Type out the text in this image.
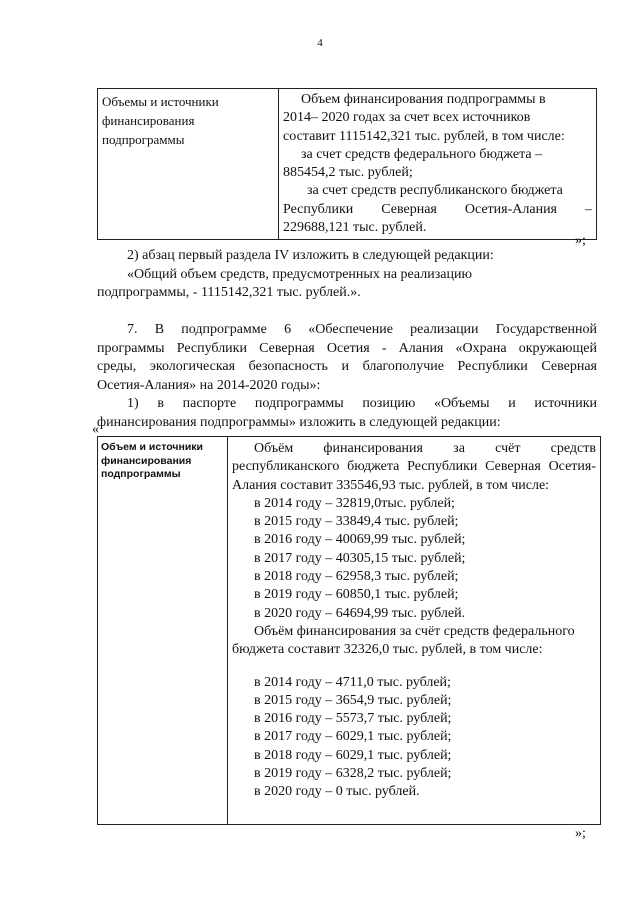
4
Объемы и источники
финансирования
подпрограммы

Объем финансирования подпрограммы в
2014– 2020 годах за счет всех источников
составит 1115142,321 тыс. рублей, в том числе:
за счет средств федерального бюджета –
885454,2 тыс. рублей;
за счет средств республиканского бюджета
Республики Северная Осетия-Алания –
229688,121 тыс. рублей.
»;
2) абзац первый раздела IV изложить в следующей редакции:
«Общий объем средств, предусмотренных на реализацию
подпрограммы, - 1115142,321 тыс. рублей.».
7. В подпрограмме 6 «Обеспечение реализации Государственной
программы Республики Северная Осетия - Алания «Охрана окружающей
среды, экологическая безопасность и благополучие Республики Северная
Осетия-Алания» на 2014-2020 годы»:
1) в паспорте подпрограммы позицию «Объемы и источники
финансирования подпрограммы» изложить в следующей редакции:
«
Объем и источники
финансирования
подпрограммы

Объём финансирования за счёт средств
республиканского бюджета Республики Северная Осетия-
Алания составит 335546,93 тыс. рублей, в том числе:
в 2014 году – 32819,0тыс. рублей;
в 2015 году – 33849,4 тыс. рублей;
в 2016 году – 40069,99 тыс. рублей;
в 2017 году – 40305,15 тыс. рублей;
в 2018 году – 62958,3 тыс. рублей;
в 2019 году – 60850,1 тыс. рублей;
в 2020 году – 64694,99 тыс. рублей.
Объём финансирования за счёт средств федерального
бюджета составит 32326,0 тыс. рублей, в том числе:
в 2014 году – 4711,0 тыс. рублей;
в 2015 году – 3654,9 тыс. рублей;
в 2016 году – 5573,7 тыс. рублей;
в 2017 году – 6029,1 тыс. рублей;
в 2018 году – 6029,1 тыс. рублей;
в 2019 году – 6328,2 тыс. рублей;
в 2020 году – 0 тыс. рублей.
»;
